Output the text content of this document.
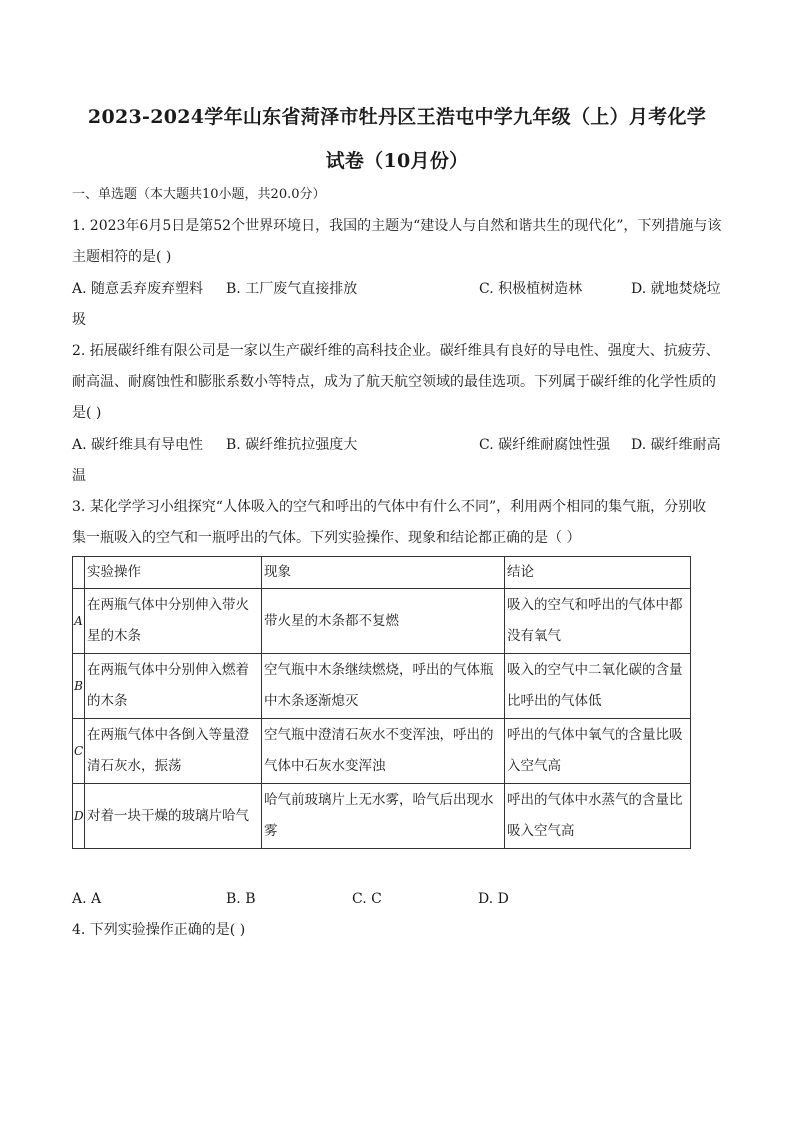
2023-2024学年山东省菏泽市牡丹区王浩屯中学九年级（上）月考化学
试卷（10月份）
一、单选题（本大题共10小题，共20.0分）
1. 2023年6月5日是第52个世界环境日，我国的主题为“建设人与自然和谐共生的现代化”，下列措施与该
主题相符的是( )
A. 随意丢弃废弃塑料 B. 工厂废气直接排放	C. 积极植树造林	D. 就地焚烧垃
圾
2. 拓展碳纤维有限公司是一家以生产碳纤维的高科技企业。碳纤维具有良好的导电性、强度大、抗疲劳、
耐高温、耐腐蚀性和膨胀系数小等特点，成为了航天航空领域的最佳选项。下列属于碳纤维的化学性质的
是( )
A. 碳纤维具有导电性 B. 碳纤维抗拉强度大	C. 碳纤维耐腐蚀性强 D. 碳纤维耐高
温
3. 某化学学习小组探究“人体吸入的空气和呼出的气体中有什么不同”，利用两个相同的集气瓶，分别收
集一瓶吸入的空气和一瓶呼出的气体。下列实验操作、现象和结论都正确的是（ ）
	实验操作	现象	结论
A	在两瓶气体中分别伸入带火星的木条	带火星的木条都不复燃	吸入的空气和呼出的气体中都没有氧气
B	在两瓶气体中分别伸入燃着的木条	空气瓶中木条继续燃烧，呼出的气体瓶中木条逐渐熄灭	吸入的空气中二氧化碳的含量比呼出的气体低
C	在两瓶气体中各倒入等量澄清石灰水，振荡	空气瓶中澄清石灰水不变浑浊，呼出的气体中石灰水变浑浊	呼出的气体中氧气的含量比吸入空气高
D	对着一块干燥的玻璃片哈气	哈气前玻璃片上无水雾，哈气后出现水雾	呼出的气体中水蒸气的含量比吸入空气高
A. A	B. B	C. C	D. D
4. 下列实验操作正确的是( )
